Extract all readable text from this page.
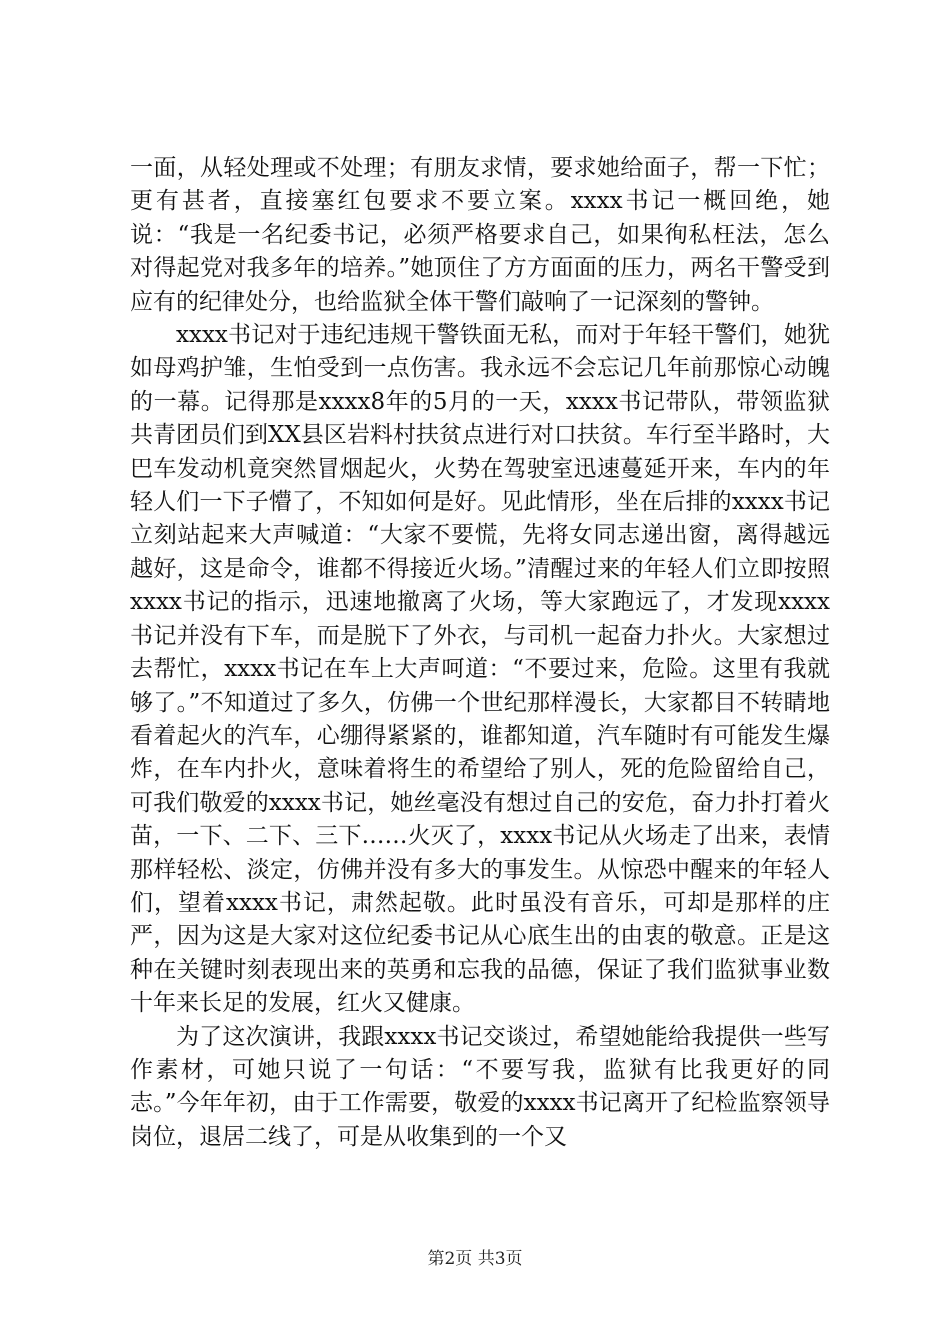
一面，从轻处理或不处理；有朋友求情，要求她给面子，帮一下忙；更有甚者，直接塞红包要求不要立案。xxxx书记一概回绝，她说：“我是一名纪委书记，必须严格要求自己，如果徇私枉法，怎么对得起党对我多年的培养。”她顶住了方方面面的压力，两名干警受到应有的纪律处分，也给监狱全体干警们敲响了一记深刻的警钟。

xxxx书记对于违纪违规干警铁面无私，而对于年轻干警们，她犹如母鸡护雏，生怕受到一点伤害。我永远不会忘记几年前那惊心动魄的一幕。记得那是xxxx8年的5月的一天，xxxx书记带队，带领监狱共青团员们到XX县区岩料村扶贫点进行对口扶贫。车行至半路时，大巴车发动机竟突然冒烟起火，火势在驾驶室迅速蔓延开来，车内的年轻人们一下子懵了，不知如何是好。见此情形，坐在后排的xxxx书记立刻站起来大声喊道：“大家不要慌，先将女同志递出窗，离得越远越好，这是命令，谁都不得接近火场。”清醒过来的年轻人们立即按照xxxx书记的指示，迅速地撤离了火场，等大家跑远了，才发现xxxx书记并没有下车，而是脱下了外衣，与司机一起奋力扑火。大家想过去帮忙，xxxx书记在车上大声呵道：“不要过来，危险。这里有我就够了。”不知道过了多久，仿佛一个世纪那样漫长，大家都目不转睛地看着起火的汽车，心绷得紧紧的，谁都知道，汽车随时有可能发生爆炸，在车内扑火，意味着将生的希望给了别人，死的危险留给自己，可我们敬爱的xxxx书记，她丝毫没有想过自己的安危，奋力扑打着火苗，一下、二下、三下……火灭了，xxxx书记从火场走了出来，表情那样轻松、淡定，仿佛并没有多大的事发生。从惊恐中醒来的年轻人们，望着xxxx书记，肃然起敬。此时虽没有音乐，可却是那样的庄严，因为这是大家对这位纪委书记从心底生出的由衷的敬意。正是这种在关键时刻表现出来的英勇和忘我的品德，保证了我们监狱事业数十年来长足的发展，红火又健康。

为了这次演讲，我跟xxxx书记交谈过，希望她能给我提供一些写作素材，可她只说了一句话：“不要写我，监狱有比我更好的同志。”今年年初，由于工作需要，敬爱的xxxx书记离开了纪检监察领导岗位，退居二线了，可是从收集到的一个又

第2页 共3页
